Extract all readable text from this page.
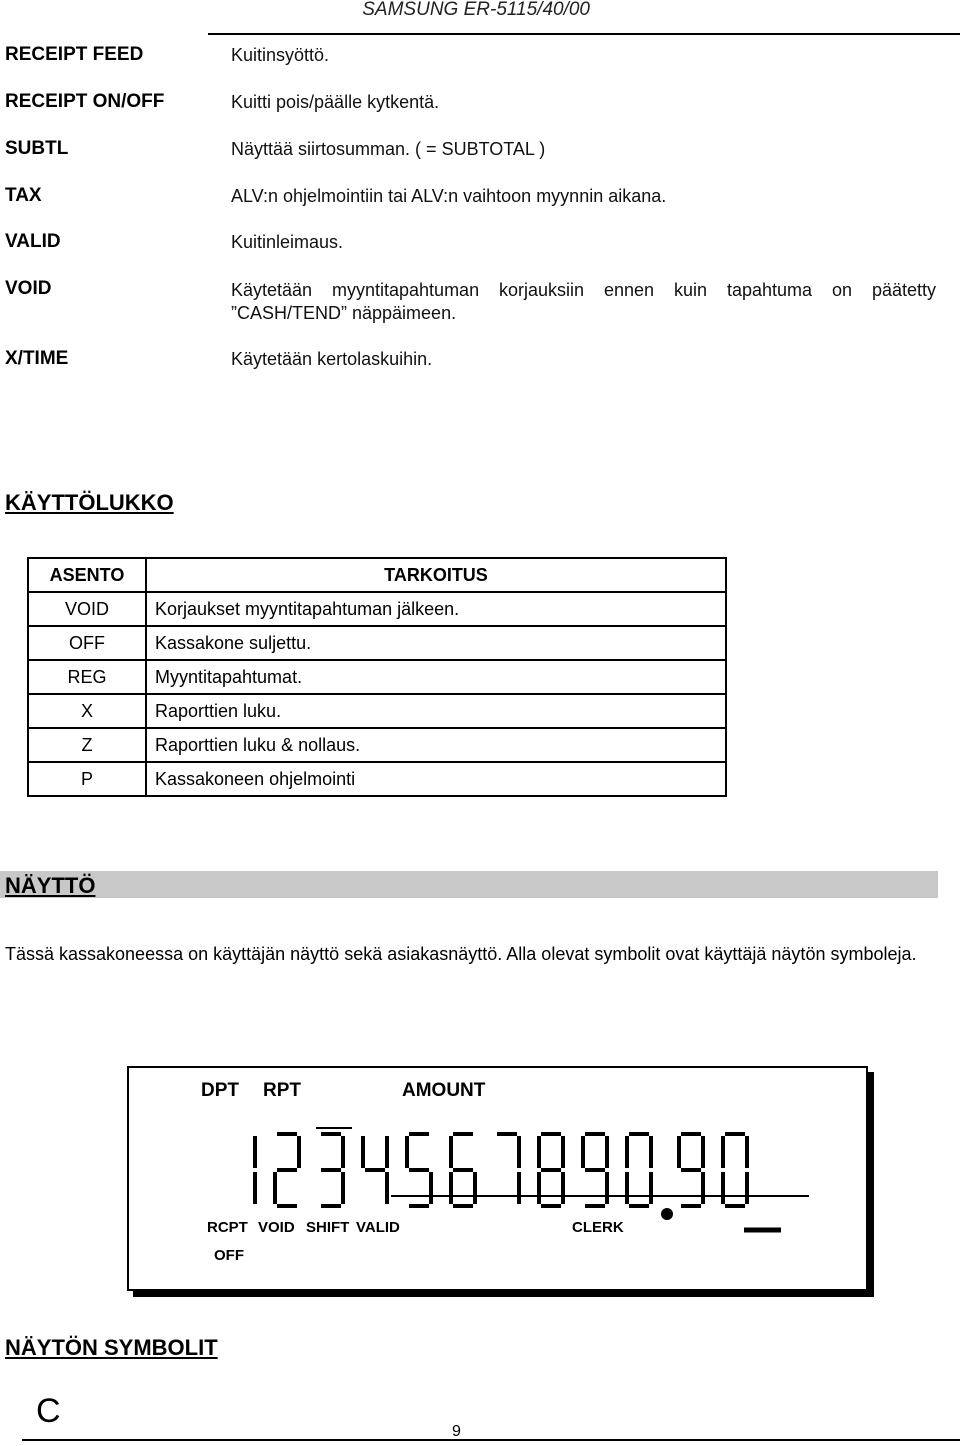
SAMSUNG ER-5115/40/00
RECEIPT FEED	Kuitinsyöttö.
RECEIPT ON/OFF	Kuitti pois/päälle kytkentä.
SUBTL	Näyttää siirtosumman. ( = SUBTOTAL )
TAX	ALV:n ohjelmointiin tai ALV:n vaihtoon myynnin aikana.
VALID	Kuitinleimaus.
VOID	Käytetään myyntitapahtuman korjauksiin ennen kuin tapahtuma on päätetty ”CASH/TEND” näppäimeen.
X/TIME	Käytetään kertolaskuihin.
KÄYTTÖLUKKO
ASENTO	TARKOITUS
VOID	Korjaukset myyntitapahtuman jälkeen.
OFF	Kassakone suljettu.
REG	Myyntitapahtumat.
X	Raporttien luku.
Z	Raporttien luku & nollaus.
P	Kassakoneen ohjelmointi
NÄYTTÖ
Tässä kassakoneessa on käyttäjän näyttö sekä asiakasnäyttö. Alla olevat symbolit ovat käyttäjä näytön symboleja.
DPT RPT	AMOUNT
RCPT VOID SHIFT VALID	CLERK
OFF
NÄYTÖN SYMBOLIT
C
9
